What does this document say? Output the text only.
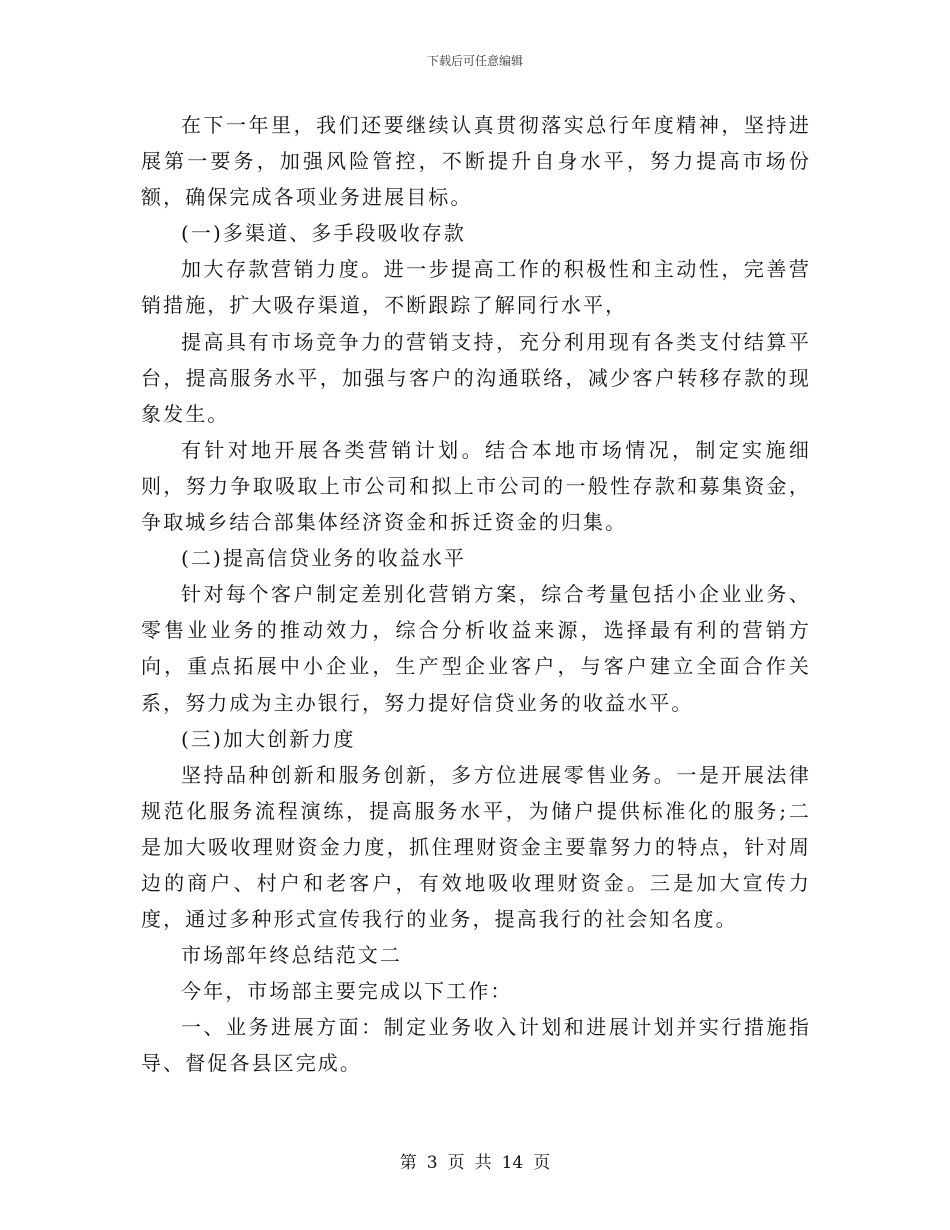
下载后可任意编辑

在下一年里，我们还要继续认真贯彻落实总行年度精神，坚持进展第一要务，加强风险管控，不断提升自身水平，努力提高市场份额，确保完成各项业务进展目标。

(一)多渠道、多手段吸收存款

加大存款营销力度。进一步提高工作的积极性和主动性，完善营销措施，扩大吸存渠道，不断跟踪了解同行水平，

提高具有市场竞争力的营销支持，充分利用现有各类支付结算平台，提高服务水平，加强与客户的沟通联络，减少客户转移存款的现象发生。

有针对地开展各类营销计划。结合本地市场情况，制定实施细则，努力争取吸取上市公司和拟上市公司的一般性存款和募集资金，争取城乡结合部集体经济资金和拆迁资金的归集。

(二)提高信贷业务的收益水平

针对每个客户制定差别化营销方案，综合考量包括小企业业务、零售业业务的推动效力，综合分析收益来源，选择最有利的营销方向，重点拓展中小企业，生产型企业客户，与客户建立全面合作关系，努力成为主办银行，努力提好信贷业务的收益水平。

(三)加大创新力度

坚持品种创新和服务创新，多方位进展零售业务。一是开展法律规范化服务流程演练，提高服务水平，为储户提供标准化的服务;二是加大吸收理财资金力度，抓住理财资金主要靠努力的特点，针对周边的商户、村户和老客户，有效地吸收理财资金。三是加大宣传力度，通过多种形式宣传我行的业务，提高我行的社会知名度。

市场部年终总结范文二

今年，市场部主要完成以下工作：

一、业务进展方面：制定业务收入计划和进展计划并实行措施指导、督促各县区完成。

第 3 页 共 14 页
